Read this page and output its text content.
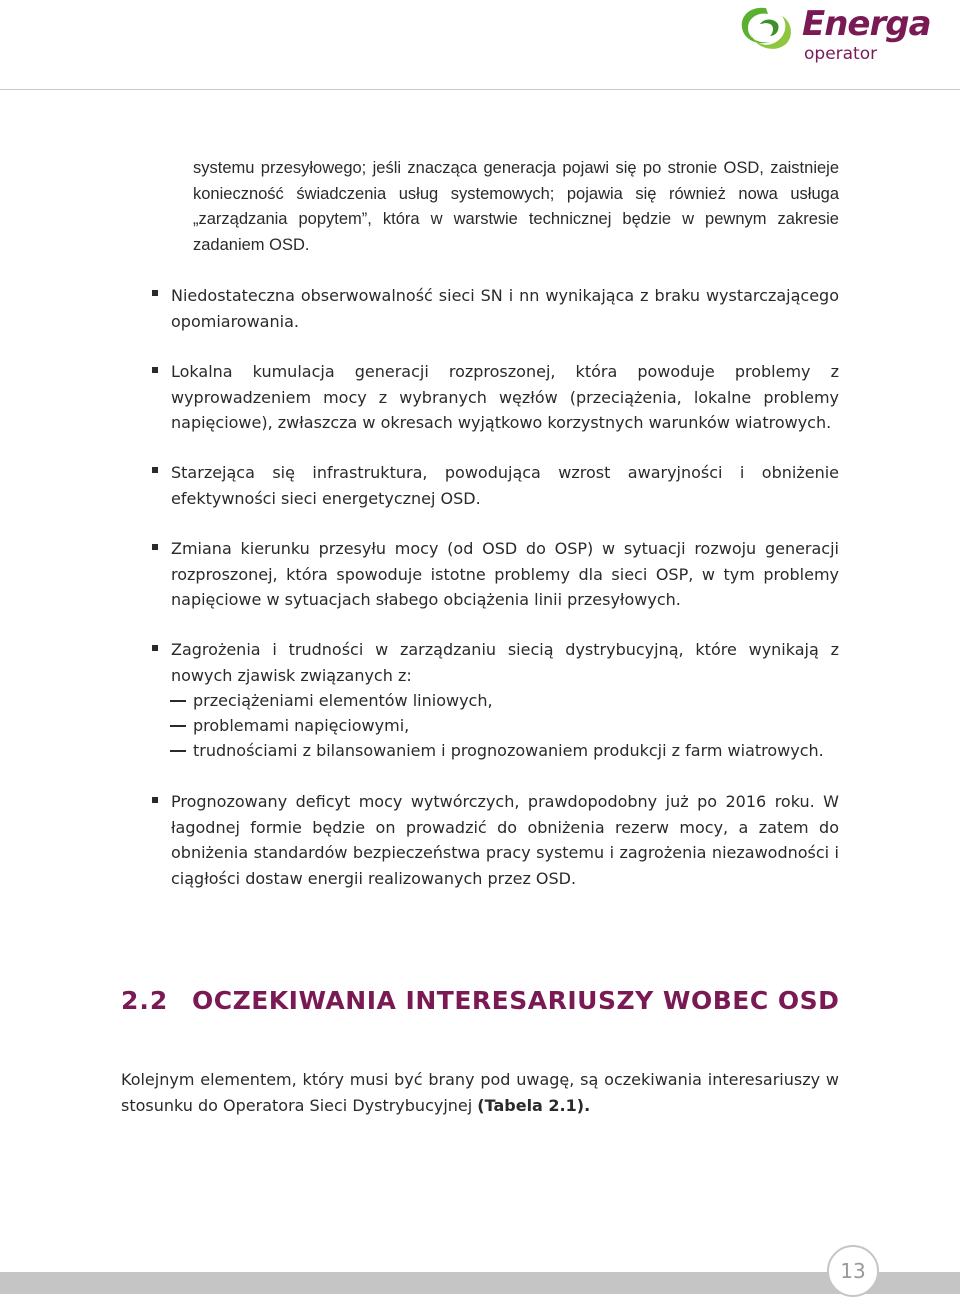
Energa
operator

systemu przesyłowego; jeśli znacząca generacja pojawi się po stronie OSD, zaistnieje konieczność świadczenia usług systemowych; pojawia się również nowa usługa „zarządzania popytem”, która w warstwie technicznej będzie w pewnym zakresie zadaniem OSD.

Niedostateczna obserwowalność sieci SN i nn wynikająca z braku wystarczającego opomiarowania.

Lokalna kumulacja generacji rozproszonej, która powoduje problemy z wyprowadzeniem mocy z wybranych węzłów (przeciążenia, lokalne problemy napięciowe), zwłaszcza w okresach wyjątkowo korzystnych warunków wiatrowych.

Starzejąca się infrastruktura, powodująca wzrost awaryjności i obniżenie efektywności sieci energetycznej OSD.

Zmiana kierunku przesyłu mocy (od OSD do OSP) w sytuacji rozwoju generacji rozproszonej, która spowoduje istotne problemy dla sieci OSP, w tym problemy napięciowe w sytuacjach słabego obciążenia linii przesyłowych.

Zagrożenia i trudności w zarządzaniu siecią dystrybucyjną, które wynikają z nowych zjawisk związanych z:

przeciążeniami elementów liniowych,

problemami napięciowymi,

trudnościami z bilansowaniem i prognozowaniem produkcji z farm wiatrowych.

Prognozowany deficyt mocy wytwórczych, prawdopodobny już po 2016 roku. W łagodnej formie będzie on prowadzić do obniżenia rezerw mocy, a zatem do obniżenia standardów bezpieczeństwa pracy systemu i zagrożenia niezawodności i ciągłości dostaw energii realizowanych przez OSD.

2.2 OCZEKIWANIA INTERESARIUSZY WOBEC OSD

Kolejnym elementem, który musi być brany pod uwagę, są oczekiwania interesariuszy w stosunku do Operatora Sieci Dystrybucyjnej (Tabela 2.1).

13
